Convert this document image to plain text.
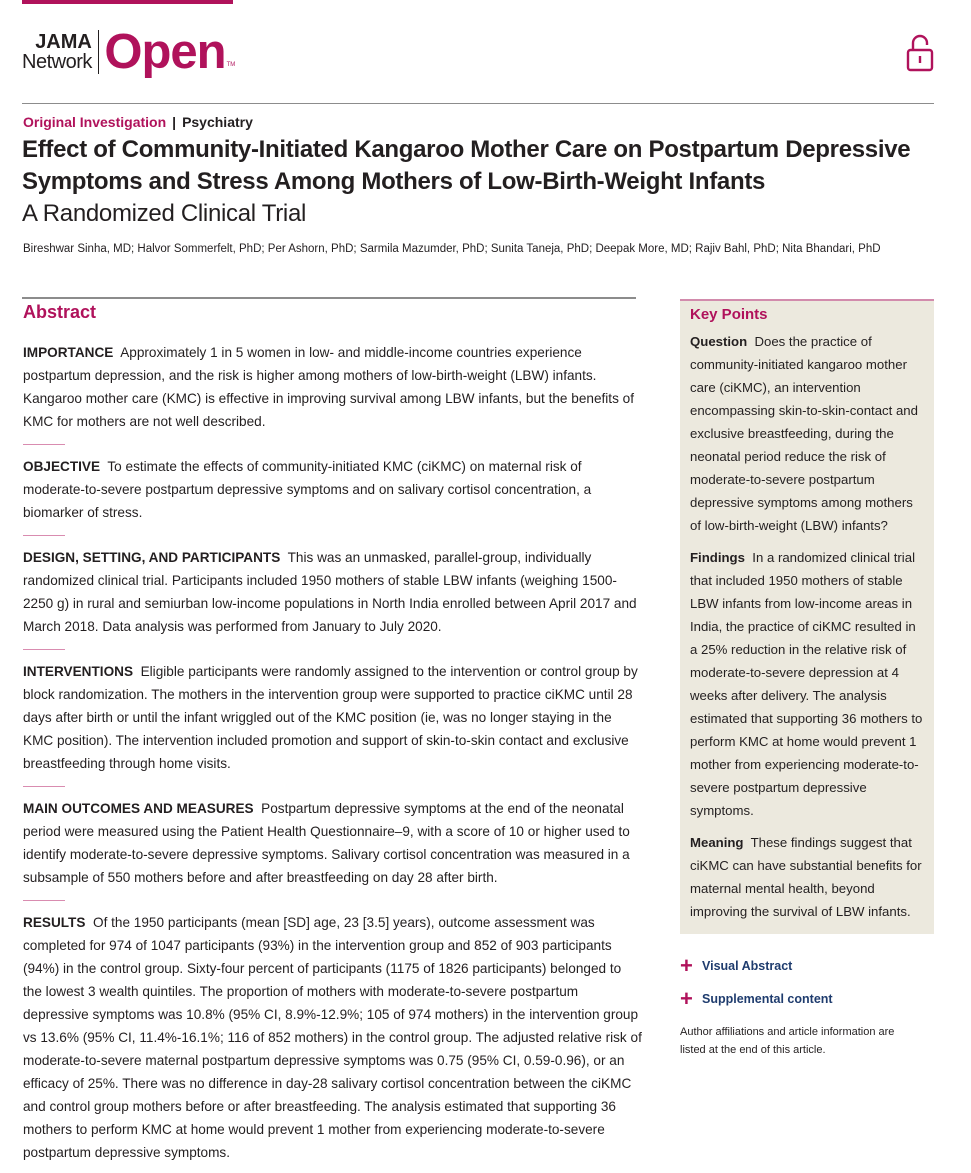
JAMA
Network Open TM
Original Investigation | Psychiatry
Effect of Community-Initiated Kangaroo Mother Care on Postpartum Depressive Symptoms and Stress Among Mothers of Low-Birth-Weight Infants
A Randomized Clinical Trial
Bireshwar Sinha, MD; Halvor Sommerfelt, PhD; Per Ashorn, PhD; Sarmila Mazumder, PhD; Sunita Taneja, PhD; Deepak More, MD; Rajiv Bahl, PhD; Nita Bhandari, PhD
Abstract

IMPORTANCE Approximately 1 in 5 women in low- and middle-income countries experience postpartum depression, and the risk is higher among mothers of low-birth-weight (LBW) infants. Kangaroo mother care (KMC) is effective in improving survival among LBW infants, but the benefits of KMC for mothers are not well described.

OBJECTIVE To estimate the effects of community-initiated KMC (ciKMC) on maternal risk of moderate-to-severe postpartum depressive symptoms and on salivary cortisol concentration, a biomarker of stress.

DESIGN, SETTING, AND PARTICIPANTS This was an unmasked, parallel-group, individually randomized clinical trial. Participants included 1950 mothers of stable LBW infants (weighing 1500-2250 g) in rural and semiurban low-income populations in North India enrolled between April 2017 and March 2018. Data analysis was performed from January to July 2020.

INTERVENTIONS Eligible participants were randomly assigned to the intervention or control group by block randomization. The mothers in the intervention group were supported to practice ciKMC until 28 days after birth or until the infant wriggled out of the KMC position (ie, was no longer staying in the KMC position). The intervention included promotion and support of skin-to-skin contact and exclusive breastfeeding through home visits.

MAIN OUTCOMES AND MEASURES Postpartum depressive symptoms at the end of the neonatal period were measured using the Patient Health Questionnaire–9, with a score of 10 or higher used to identify moderate-to-severe depressive symptoms. Salivary cortisol concentration was measured in a subsample of 550 mothers before and after breastfeeding on day 28 after birth.

RESULTS Of the 1950 participants (mean [SD] age, 23 [3.5] years), outcome assessment was completed for 974 of 1047 participants (93%) in the intervention group and 852 of 903 participants (94%) in the control group. Sixty-four percent of participants (1175 of 1826 participants) belonged to the lowest 3 wealth quintiles. The proportion of mothers with moderate-to-severe postpartum depressive symptoms was 10.8% (95% CI, 8.9%-12.9%; 105 of 974 mothers) in the intervention group vs 13.6% (95% CI, 11.4%-16.1%; 116 of 852 mothers) in the control group. The adjusted relative risk of moderate-to-severe maternal postpartum depressive symptoms was 0.75 (95% CI, 0.59-0.96), or an efficacy of 25%. There was no difference in day-28 salivary cortisol concentration between the ciKMC and control group mothers before or after breastfeeding. The analysis estimated that supporting 36 mothers to perform KMC at home would prevent 1 mother from experiencing moderate-to-severe postpartum depressive symptoms.

Key Points

Question Does the practice of community-initiated kangaroo mother care (ciKMC), an intervention encompassing skin-to-skin-contact and exclusive breastfeeding, during the neonatal period reduce the risk of moderate-to-severe postpartum depressive symptoms among mothers of low-birth-weight (LBW) infants?

Findings In a randomized clinical trial that included 1950 mothers of stable LBW infants from low-income areas in India, the practice of ciKMC resulted in a 25% reduction in the relative risk of moderate-to-severe depression at 4 weeks after delivery. The analysis estimated that supporting 36 mothers to perform KMC at home would prevent 1 mother from experiencing moderate-to-severe postpartum depressive symptoms.

Meaning These findings suggest that ciKMC can have substantial benefits for maternal mental health, beyond improving the survival of LBW infants.

+ Visual Abstract
+ Supplemental content
Author affiliations and article information are listed at the end of this article.
